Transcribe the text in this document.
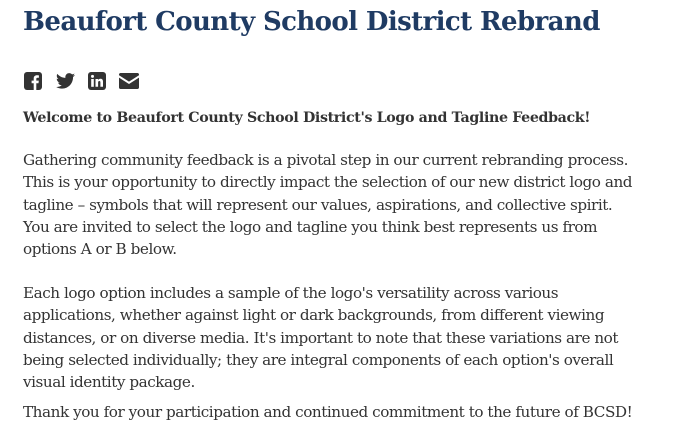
Beaufort County School District Rebrand

Welcome to Beaufort County School District's Logo and Tagline Feedback!

Gathering community feedback is a pivotal step in our current rebranding process.
This is your opportunity to directly impact the selection of our new district logo and
tagline – symbols that will represent our values, aspirations, and collective spirit.
You are invited to select the logo and tagline you think best represents us from
options A or B below.

Each logo option includes a sample of the logo's versatility across various
applications, whether against light or dark backgrounds, from different viewing
distances, or on diverse media. It's important to note that these variations are not
being selected individually; they are integral components of each option's overall
visual identity package.

Thank you for your participation and continued commitment to the future of BCSD!
